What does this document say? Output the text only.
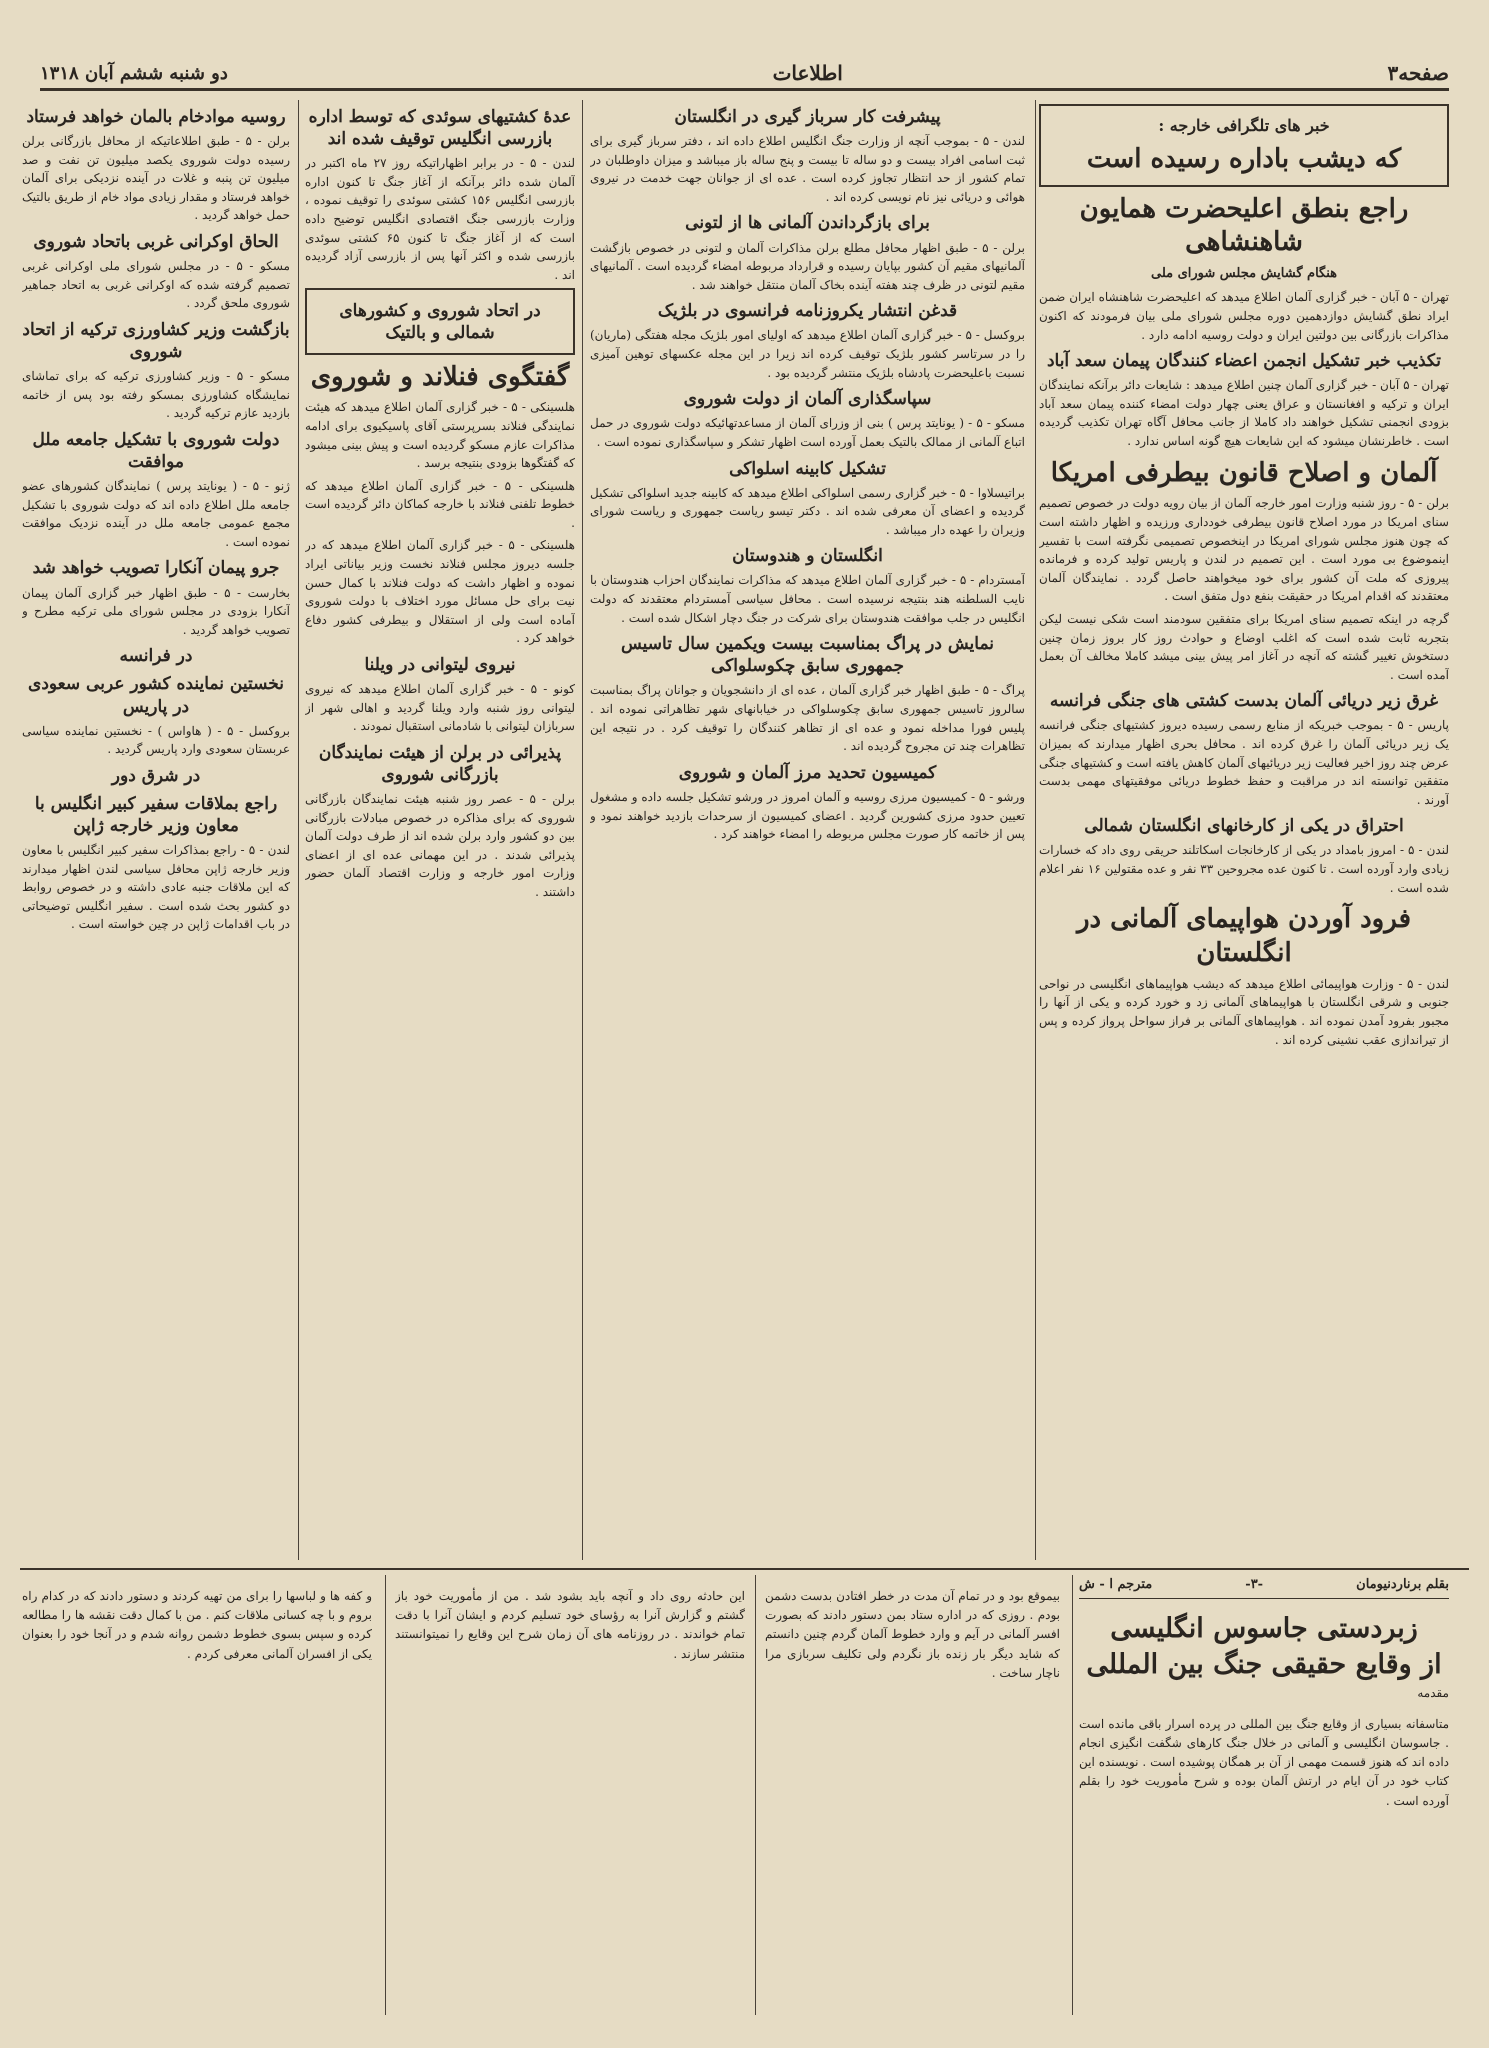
صفحه۳
اطلاعات
دو شنبه ششم آبان ۱۳۱۸
خبر های تلگرافی خارجه :
که دیشب باداره رسیده است
راجع بنطق اعلیحضرت همایون شاهنشاهی
هنگام گشایش مجلس شورای ملی

تهران - ۵ آبان - خبر گزاری آلمان اطلاع میدهد که اعلیحضرت شاهنشاه ایران ضمن ایراد نطق گشایش دوازدهمین دوره مجلس شورای ملی بیان فرمودند که اکنون مذاکرات بازرگانی بین دولتین ایران و دولت روسیه ادامه دارد .

تکذیب خبر تشکیل انجمن اعضاء کنندگان پیمان سعد آباد

تهران - ۵ آبان - خبر گزاری آلمان چنین اطلاع میدهد : شایعات دائر برآنکه نمایندگان ایران و ترکیه و افغانستان و عراق یعنی چهار دولت امضاء کننده پیمان سعد آباد بزودی انجمنی تشکیل خواهند داد کاملا از جانب محافل آگاه تهران تکذیب گردیده است . خاطرنشان میشود که این شایعات هیچ گونه اساس ندارد .

آلمان و اصلاح قانون بیطرفی امریکا

برلن - ۵ - روز شنبه وزارت امور خارجه آلمان از بیان رویه دولت در خصوص تصمیم سنای امریکا در مورد اصلاح قانون بیطرفی خودداری ورزیده و اظهار داشته است که چون هنوز مجلس شورای امریکا در اینخصوص تصمیمی نگرفته است با تفسیر اینموضوع بی مورد است . این تصمیم در لندن و پاریس تولید کرده و فرمانده پیروزی که ملت آن کشور برای خود میخواهند حاصل گردد . نمایندگان آلمان معتقدند که اقدام امریکا در حقیقت بنفع دول متفق است .

گرچه در اینکه تصمیم سنای امریکا برای متفقین سودمند است شکی نیست لیکن بتجربه ثابت شده است که اغلب اوضاع و حوادث روز کار بروز زمان چنین دستخوش تغییر گشته که آنچه در آغاز امر پیش بینی میشد کاملا مخالف آن بعمل آمده است .

غرق زیر دریائی آلمان بدست کشتی های جنگی فرانسه

پاریس - ۵ - بموجب خبریکه از منابع رسمی رسیده دیروز کشتیهای جنگی فرانسه یک زیر دریائی آلمان را غرق کرده اند . محافل بحری اظهار میدارند که بمیزان عرض چند روز اخیر فعالیت زیر دریائیهای آلمان کاهش یافته است و کشتیهای جنگی متفقین توانسته اند در مراقبت و حفظ خطوط دریائی موفقیتهای مهمی بدست آورند .

احتراق در یکی از کارخانهای انگلستان شمالی

لندن - ۵ - امروز بامداد در یکی از کارخانجات اسکاتلند حریقی روی داد که خسارات زیادی وارد آورده است . تا کنون عده مجروحین ۳۳ نفر و عده مقتولین ۱۶ نفر اعلام شده است .

فرود آوردن هواپیمای آلمانی در انگلستان

لندن - ۵ - وزارت هواپیمائی اطلاع میدهد که دیشب هواپیماهای انگلیسی در نواحی جنوبی و شرقی انگلستان با هواپیماهای آلمانی زد و خورد کرده و یکی از آنها را مجبور بفرود آمدن نموده اند . هواپیماهای آلمانی بر فراز سواحل پرواز کرده و پس از تیراندازی عقب نشینی کرده اند .

پیشرفت کار سرباز گیری در انگلستان

لندن - ۵ - بموجب آنچه از وزارت جنگ انگلیس اطلاع داده اند ، دفتر سرباز گیری برای ثبت اسامی افراد بیست و دو ساله تا بیست و پنج ساله باز میباشد و میزان داوطلبان در تمام کشور از حد انتظار تجاوز کرده است . عده ای از جوانان جهت خدمت در نیروی هوائی و دریائی نیز نام نویسی کرده اند .

برای بازگرداندن آلمانی ها از لتونی

برلن - ۵ - طبق اظهار محافل مطلع برلن مذاکرات آلمان و لتونی در خصوص بازگشت آلمانیهای مقیم آن کشور بپایان رسیده و قرارداد مربوطه امضاء گردیده است . آلمانیهای مقیم لتونی در ظرف چند هفته آینده بخاک آلمان منتقل خواهند شد .

قدغن انتشار یکروزنامه فرانسوی در بلژیک

بروکسل - ۵ - خبر گزاری آلمان اطلاع میدهد که اولیای امور بلژیک مجله هفتگی (ماریان) را در سرتاسر کشور بلژیک توقیف کرده اند زیرا در این مجله عکسهای توهین آمیزی نسبت باعلیحضرت پادشاه بلژیک منتشر گردیده بود .

سپاسگذاری آلمان از دولت شوروی

مسکو - ۵ - ( یونایتد پرس ) بنی از وزرای آلمان از مساعدتهائیکه دولت شوروی در حمل اتباع آلمانی از ممالک بالتیک بعمل آورده است اظهار تشکر و سپاسگذاری نموده است .

تشکیل کابینه اسلواکی

براتیسلاوا - ۵ - خبر گزاری رسمی اسلواکی اطلاع میدهد که کابینه جدید اسلواکی تشکیل گردیده و اعضای آن معرفی شده اند . دکتر تیسو ریاست جمهوری و ریاست شورای وزیران را عهده دار میباشد .

انگلستان و هندوستان

آمستردام - ۵ - خبر گزاری آلمان اطلاع میدهد که مذاکرات نمایندگان احزاب هندوستان با نایب السلطنه هند بنتیجه نرسیده است . محافل سیاسی آمستردام معتقدند که دولت انگلیس در جلب موافقت هندوستان برای شرکت در جنگ دچار اشکال شده است .

نمایش در پراگ بمناسبت بیست ویکمین سال تاسیس جمهوری سابق چکوسلواکی

پراگ - ۵ - طبق اظهار خبر گزاری آلمان ، عده ای از دانشجویان و جوانان پراگ بمناسبت سالروز تاسیس جمهوری سابق چکوسلواکی در خیابانهای شهر تظاهراتی نموده اند . پلیس فورا مداخله نمود و عده ای از تظاهر کنندگان را توقیف کرد . در نتیجه این تظاهرات چند تن مجروح گردیده اند .

کمیسیون تحدید مرز آلمان و شوروی

ورشو - ۵ - کمیسیون مرزی روسیه و آلمان امروز در ورشو تشکیل جلسه داده و مشغول تعیین حدود مرزی کشورین گردید . اعضای کمیسیون از سرحدات بازدید خواهند نمود و پس از خاتمه کار صورت مجلس مربوطه را امضاء خواهند کرد .

عدۀ کشتیهای سوئدی که توسط اداره بازرسی انگلیس توقیف شده اند

لندن - ۵ - در برابر اظهاراتیکه روز ۲۷ ماه اکتبر در آلمان شده دائر برآنکه از آغاز جنگ تا کنون اداره بازرسی انگلیس ۱۵۶ کشتی سوئدی را توقیف نموده ، وزارت بازرسی جنگ اقتصادی انگلیس توضیح داده است که از آغاز جنگ تا کنون ۶۵ کشتی سوئدی بازرسی شده و اکثر آنها پس از بازرسی آزاد گردیده اند .

در اتحاد شوروی و کشورهای شمالی و بالتیک
گفتگوی فنلاند و شوروی

هلسینکی - ۵ - خبر گزاری آلمان اطلاع میدهد که هیئت نمایندگی فنلاند بسرپرستی آقای پاسیکیوی برای ادامه مذاکرات عازم مسکو گردیده است و پیش بینی میشود که گفتگوها بزودی بنتیجه برسد .

هلسینکی - ۵ - خبر گزاری آلمان اطلاع میدهد که خطوط تلفنی فنلاند با خارجه کماکان دائر گردیده است .

هلسینکی - ۵ - خبر گزاری آلمان اطلاع میدهد که در جلسه دیروز مجلس فنلاند نخست وزیر بیاناتی ایراد نموده و اظهار داشت که دولت فنلاند با کمال حسن نیت برای حل مسائل مورد اختلاف با دولت شوروی آماده است ولی از استقلال و بیطرفی کشور دفاع خواهد کرد .

نیروی لیتوانی در ویلنا

کونو - ۵ - خبر گزاری آلمان اطلاع میدهد که نیروی لیتوانی روز شنبه وارد ویلنا گردید و اهالی شهر از سربازان لیتوانی با شادمانی استقبال نمودند .

پذیرائی در برلن از هیئت نمایندگان بازرگانی شوروی

برلن - ۵ - عصر روز شنبه هیئت نمایندگان بازرگانی شوروی که برای مذاکره در خصوص مبادلات بازرگانی بین دو کشور وارد برلن شده اند از طرف دولت آلمان پذیرائی شدند . در این مهمانی عده ای از اعضای وزارت امور خارجه و وزارت اقتصاد آلمان حضور داشتند .

روسیه موادخام بالمان خواهد فرستاد

برلن - ۵ - طبق اطلاعاتیکه از محافل بازرگانی برلن رسیده دولت شوروی یکصد میلیون تن نفت و صد میلیون تن پنبه و غلات در آینده نزدیکی برای آلمان خواهد فرستاد و مقدار زیادی مواد خام از طریق بالتیک حمل خواهد گردید .

الحاق اوکرانی غربی باتحاد شوروی

مسکو - ۵ - در مجلس شورای ملی اوکرانی غربی تصمیم گرفته شده که اوکرانی غربی به اتحاد جماهیر شوروی ملحق گردد .

بازگشت وزیر کشاورزی ترکیه از اتحاد شوروی

مسکو - ۵ - وزیر کشاورزی ترکیه که برای تماشای نمایشگاه کشاورزی بمسکو رفته بود پس از خاتمه بازدید عازم ترکیه گردید .

دولت شوروی با تشکیل جامعه ملل موافقت

ژنو - ۵ - ( یونایتد پرس ) نمایندگان کشورهای عضو جامعه ملل اطلاع داده اند که دولت شوروی با تشکیل مجمع عمومی جامعه ملل در آینده نزدیک موافقت نموده است .

جرو پیمان آنکارا تصویب خواهد شد

بخارست - ۵ - طبق اظهار خبر گزاری آلمان پیمان آنکارا بزودی در مجلس شورای ملی ترکیه مطرح و تصویب خواهد گردید .

در فرانسه
نخستین نماینده کشور عربی سعودی در پاریس

بروکسل - ۵ - ( هاواس ) - نخستین نماینده سیاسی عربستان سعودی وارد پاریس گردید .

در شرق دور
راجع بملاقات سفیر کبیر انگلیس با معاون وزیر خارجه ژاپن

لندن - ۵ - راجع بمذاکرات سفیر کبیر انگلیس با معاون وزیر خارجه ژاپن محافل سیاسی لندن اظهار میدارند که این ملاقات جنبه عادی داشته و در خصوص روابط دو کشور بحث شده است . سفیر انگلیس توضیحاتی در باب اقدامات ژاپن در چین خواسته است .

بقلم برناردنیومان
-۳-
مترجم ا - ش
زبردستی جاسوس انگلیسی
از وقایع حقیقی جنگ بین المللی
مقدمه

متاسفانه بسیاری از وقایع جنگ بین المللی در پرده اسرار باقی مانده است . جاسوسان انگلیسی و آلمانی در خلال جنگ کارهای شگفت انگیزی انجام داده اند که هنوز قسمت مهمی از آن بر همگان پوشیده است . نویسنده این کتاب خود در آن ایام در ارتش آلمان بوده و شرح مأموریت خود را بقلم آورده است .

بیموقع بود و در تمام آن مدت در خطر افتادن بدست دشمن بودم . روزی که در اداره ستاد بمن دستور دادند که بصورت افسر آلمانی در آیم و وارد خطوط آلمان گردم چنین دانستم که شاید دیگر بار زنده باز نگردم ولی تکلیف سربازی مرا ناچار ساخت .

این حادثه روی داد و آنچه باید بشود شد . من از مأموریت خود باز گشتم و گزارش آنرا به رؤسای خود تسلیم کردم و ایشان آنرا با دقت تمام خواندند . در روزنامه های آن زمان شرح این وقایع را نمیتوانستند منتشر سازند .

و کفه ها و لباسها را برای من تهیه کردند و دستور دادند که در کدام راه بروم و با چه کسانی ملاقات کنم . من با کمال دقت نقشه ها را مطالعه کرده و سپس بسوی خطوط دشمن روانه شدم و در آنجا خود را بعنوان یکی از افسران آلمانی معرفی کردم .
